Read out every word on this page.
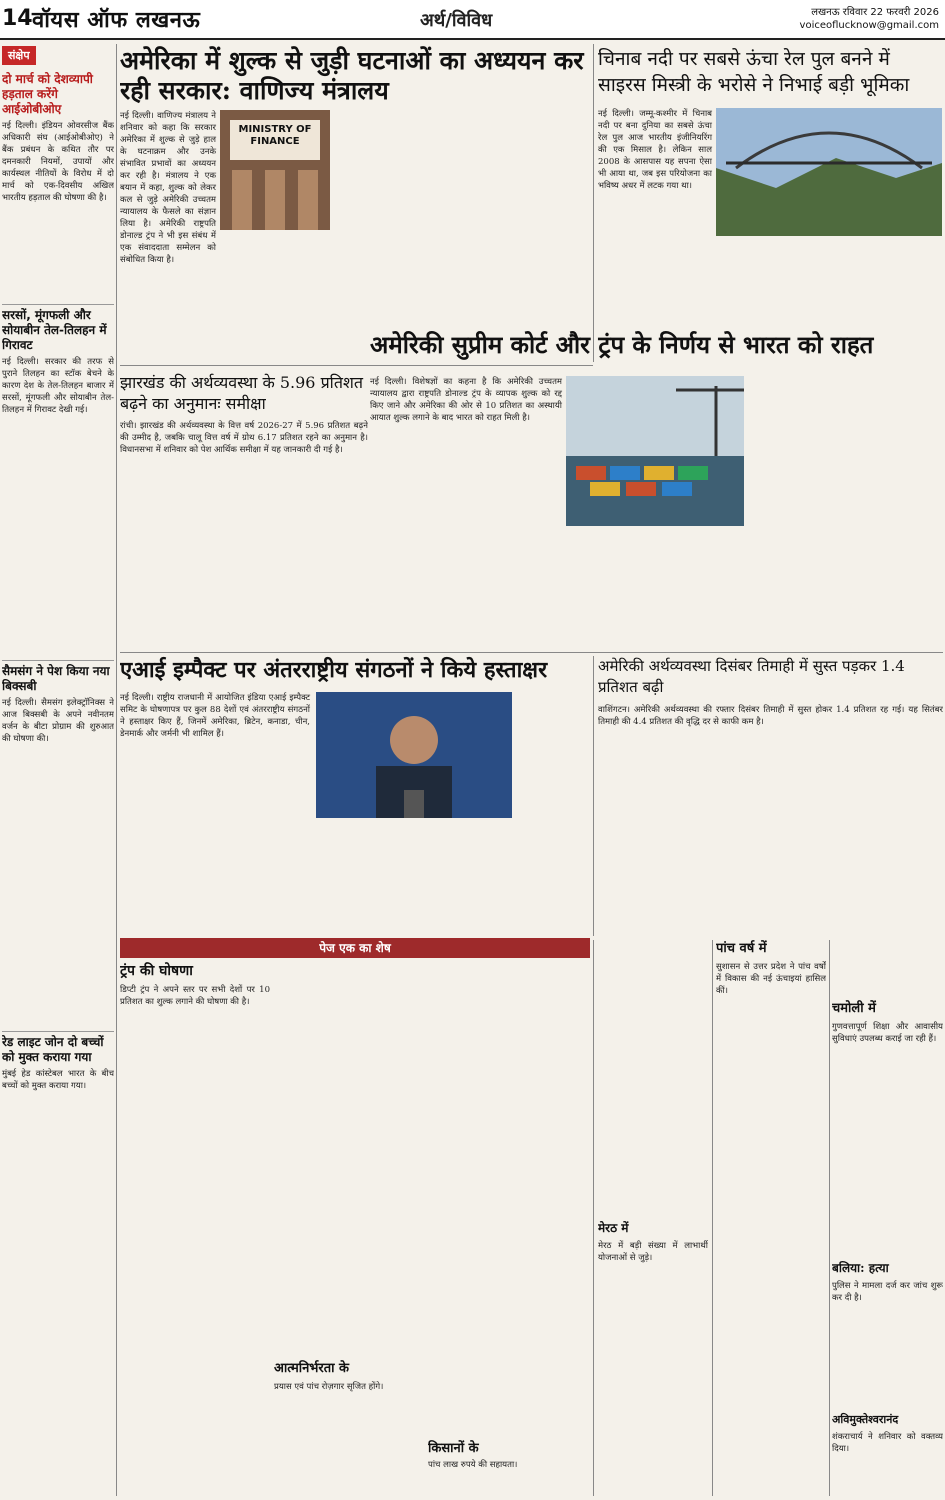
14 वॉयस ऑफ लखनऊ	अर्थ/विविध	लखनऊ रविवार 22 फरवरी 2026
voiceoflucknow@gmail.com
संक्षेप
दो मार्च को देशव्यापी हड़ताल करेंगे आईओबीओए
नई दिल्ली। इंडियन ओवरसीज बैंक अधिकारी संघ (आईओबीओए) ने बैंक प्रबंधन के कथित तौर पर दमनकारी नियमों, उपायों और कार्यस्थल नीतियों के विरोध में दो मार्च को एक-दिवसीय अखिल भारतीय हड़ताल की घोषणा की है।
सरसों, मूंगफली और सोयाबीन तेल-तिलहन में गिरावट
नई दिल्ली। सरकार की तरफ से पुराने तिलहन का स्टॉक बेचने के कारण देश के तेल-तिलहन बाजार में सरसों, मूंगफली और सोयाबीन तेल-तिलहन में गिरावट देखी गई।
सैमसंग ने पेश किया नया बिक्सबी
नई दिल्ली। सैमसंग इलेक्ट्रॉनिक्स ने आज बिक्सबी के अपने नवीनतम वर्जन के बीटा प्रोग्राम की शुरुआत की घोषणा की।
रेड लाइट जोन दो बच्चों को मुक्त कराया गया
मुंबई हेड कांस्टेबल भारत के बीच बच्चों को मुक्त कराया गया।
अमेरिका में शुल्क से जुड़ी घटनाओं का अध्ययन कर रही सरकार: वाणिज्य मंत्रालय
MINISTRY OF FINANCE
नई दिल्ली। वाणिज्य मंत्रालय ने शनिवार को कहा कि सरकार अमेरिका में शुल्क से जुड़े हाल के घटनाक्रम और उनके संभावित प्रभावों का अध्ययन कर रही है। मंत्रालय ने एक बयान में कहा, शुल्क को लेकर कल से जुड़े अमेरिकी उच्चतम न्यायालय के फैसले का संज्ञान लिया है। अमेरिकी राष्ट्रपति डोनाल्ड ट्रंप ने भी इस संबंध में एक संवाददाता सम्मेलन को संबोधित किया है।
चिनाब नदी पर सबसे ऊंचा रेल पुल बनने में साइरस मिस्त्री के भरोसे ने निभाई बड़ी भूमिका
नई दिल्ली। जम्मू-कश्मीर में चिनाब नदी पर बना दुनिया का सबसे ऊंचा रेल पुल आज भारतीय इंजीनियरिंग की एक मिसाल है। लेकिन साल 2008 के आसपास यह सपना ऐसा भी आया था, जब इस परियोजना का भविष्य अधर में लटक गया था।
झारखंड की अर्थव्यवस्था के 5.96 प्रतिशत बढ़ने का अनुमानः समीक्षा
रांची। झारखंड की अर्थव्यवस्था के वित्त वर्ष 2026-27 में 5.96 प्रतिशत बढ़ने की उम्मीद है, जबकि चालू वित्त वर्ष में ग्रोथ 6.17 प्रतिशत रहने का अनुमान है। विधानसभा में शनिवार को पेश आर्थिक समीक्षा में यह जानकारी दी गई है।
अमेरिकी सुप्रीम कोर्ट और ट्रंप के निर्णय से भारत को राहत
नई दिल्ली। विशेषज्ञों का कहना है कि अमेरिकी उच्चतम न्यायालय द्वारा राष्ट्रपति डोनाल्ड ट्रंप के व्यापक शुल्क को रद्द किए जाने और अमेरिका की ओर से 10 प्रतिशत का अस्थायी आयात शुल्क लगाने के बाद भारत को राहत मिली है।
एआई इम्पैक्ट पर अंतरराष्ट्रीय संगठनों ने किये हस्ताक्षर
नई दिल्ली। राष्ट्रीय राजधानी में आयोजित इंडिया एआई इम्पैक्ट समिट के घोषणापत्र पर कुल 88 देशों एवं अंतरराष्ट्रीय संगठनों ने हस्ताक्षर किए हैं, जिनमें अमेरिका, ब्रिटेन, कनाडा, चीन, डेनमार्क और जर्मनी भी शामिल हैं।
अमेरिकी अर्थव्यवस्था दिसंबर तिमाही में सुस्त पड़कर 1.4 प्रतिशत बढ़ी
वाशिंगटन। अमेरिकी अर्थव्यवस्था की रफ्तार दिसंबर तिमाही में सुस्त होकर 1.4 प्रतिशत रह गई। यह सितंबर तिमाही की 4.4 प्रतिशत की वृद्धि दर से काफी कम है।
पेज एक का शेष
ट्रंप की घोषणा
डिप्टी ट्रंप ने अपने स्तर पर सभी देशों पर 10 प्रतिशत का शुल्क लगाने की घोषणा की है।
आत्मनिर्भरता के
प्रयास एवं पांच रोज़गार सृजित होंगे।
किसानों के
पांच लाख रुपये की सहायता।
मेरठ में
मेरठ में बड़ी संख्या में लाभार्थी योजनाओं से जुड़े।
पांच वर्ष में
सुशासन से उत्तर प्रदेश ने पांच वर्षों में विकास की नई ऊंचाइयां हासिल कीं।
चमोली में
गुणवत्तापूर्ण शिक्षा और आवासीय सुविधाएं उपलब्ध कराई जा रही हैं।
बलिया: हत्या
पुलिस ने मामला दर्ज कर जांच शुरू कर दी है।
अविमुक्तेश्वरानंद
शंकराचार्य ने शनिवार को वक्तव्य दिया।
